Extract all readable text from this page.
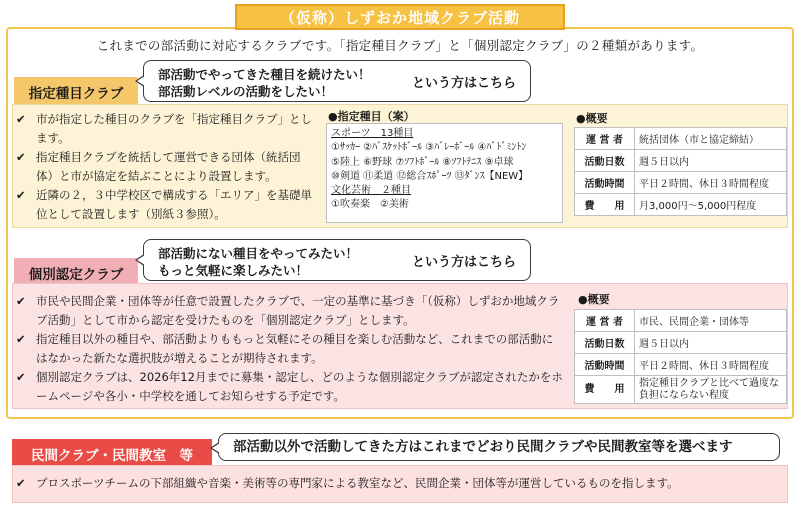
（仮称）しずおか地域クラブ活動
これまでの部活動に対応するクラブです。「指定種目クラブ」と「個別認定クラブ」の２種類があります。
指定種目クラブ
部活動でやってきた種目を続けたい！
部活動レベルの活動をしたい！
という方はこちら
✔ 市が指定した種目のクラブを「指定種目クラブ」とします。
✔ 指定種目クラブを統括して運営できる団体（統括団体）と市が協定を結ぶことにより設置します。
✔ 近隣の２，３中学校区で構成する「エリア」を基礎単位として設置します（別紙３参照）。
●指定種目（案）
スポーツ　13種目
①ｻｯｶｰ ②ﾊﾞｽｹｯﾄﾎﾞｰﾙ ③ﾊﾞﾚｰﾎﾞｰﾙ ④ﾊﾞﾄﾞﾐﾝﾄﾝ
⑤陸上 ⑥野球 ⑦ｿﾌﾄﾎﾞｰﾙ ⑧ｿﾌﾄﾃﾆｽ ⑨卓球
⑩剣道 ⑪柔道 ⑫総合ｽﾎﾟｰﾂ ⑬ﾀﾞﾝｽ【NEW】
文化芸術　２種目
①吹奏楽　②美術
●概要
運 営 者	統括団体（市と協定締結）
活動日数	週５日以内
活動時間	平日２時間、休日３時間程度
費　　用	月3,000円～5,000円程度
個別認定クラブ
部活動にない種目をやってみたい！
もっと気軽に楽しみたい！
という方はこちら
✔ 市民や民間企業・団体等が任意で設置したクラブで、一定の基準に基づき「（仮称）しずおか地域クラブ活動」として市から認定を受けたものを「個別認定クラブ」とします。
✔ 指定種目以外の種目や、部活動よりももっと気軽にその種目を楽しむ活動など、これまでの部活動にはなかった新たな選択肢が増えることが期待されます。
✔ 個別認定クラブは、2026年12月までに募集・認定し、どのような個別認定クラブが認定されたかをホームページや各小・中学校を通してお知らせする予定です。
●概要
運 営 者	市民、民間企業・団体等
活動日数	週５日以内
活動時間	平日２時間、休日３時間程度
費　　用	指定種目クラブと比べて過度な負担にならない程度
民間クラブ・民間教室　等
部活動以外で活動してきた方はこれまでどおり民間クラブや民間教室等を選べます
✔ プロスポーツチームの下部組織や音楽・美術等の専門家による教室など、民間企業・団体等が運営しているものを指します。
